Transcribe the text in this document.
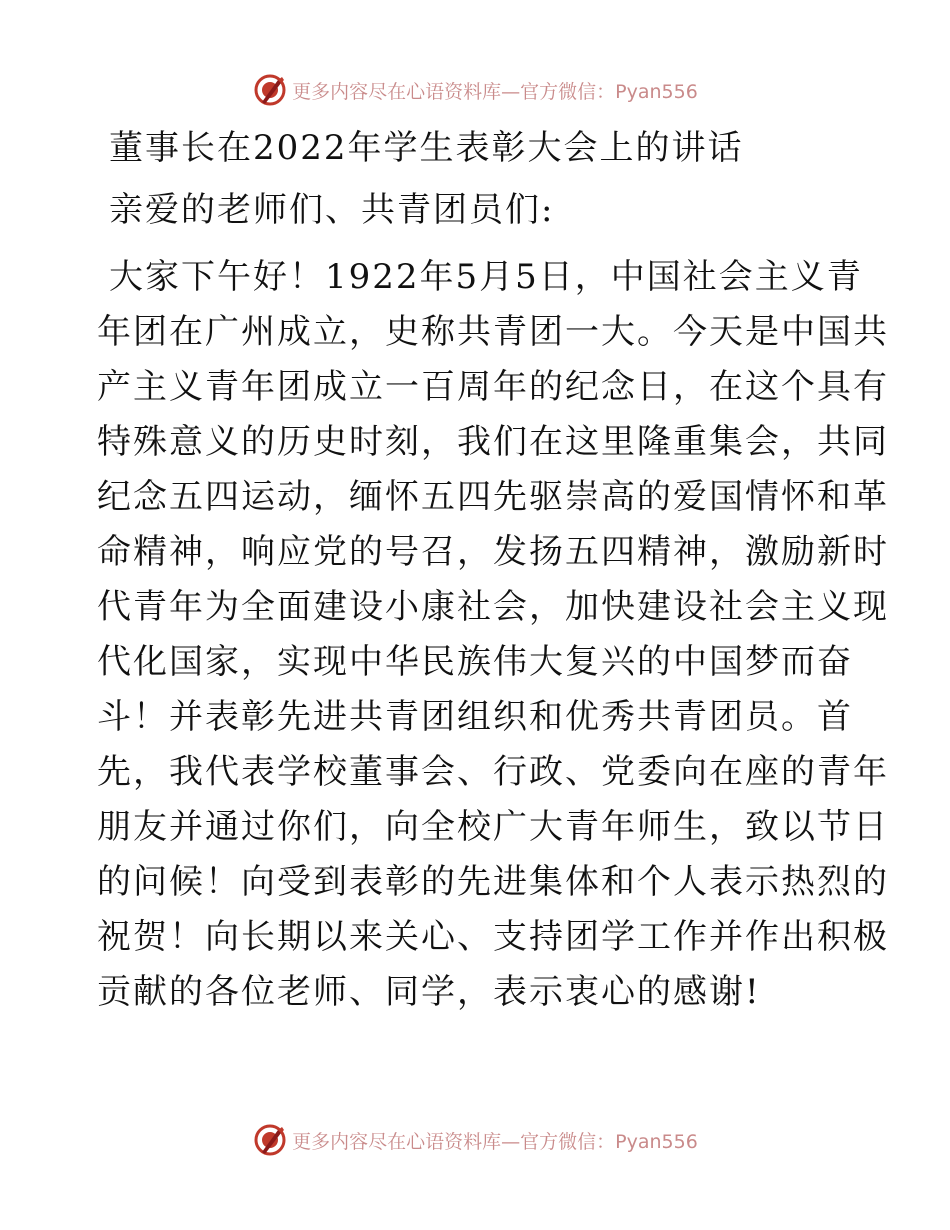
更多内容尽在心语资料库—官方微信：Pyan556
董事长在2022年学生表彰大会上的讲话
亲爱的老师们、共青团员们:

大家下午好！1922年5月5日，中国社会主义青
年团在广州成立，史称共青团一大。今天是中国共
产主义青年团成立一百周年的纪念日，在这个具有
特殊意义的历史时刻，我们在这里隆重集会，共同
纪念五四运动，缅怀五四先驱崇高的爱国情怀和革
命精神，响应党的号召，发扬五四精神，激励新时
代青年为全面建设小康社会，加快建设社会主义现
代化国家，实现中华民族伟大复兴的中国梦而奋
斗！并表彰先进共青团组织和优秀共青团员。首
先，我代表学校董事会、行政、党委向在座的青年
朋友并通过你们，向全校广大青年师生，致以节日
的问候！向受到表彰的先进集体和个人表示热烈的
祝贺！向长期以来关心、支持团学工作并作出积极
贡献的各位老师、同学，表示衷心的感谢!

更多内容尽在心语资料库—官方微信：Pyan556
